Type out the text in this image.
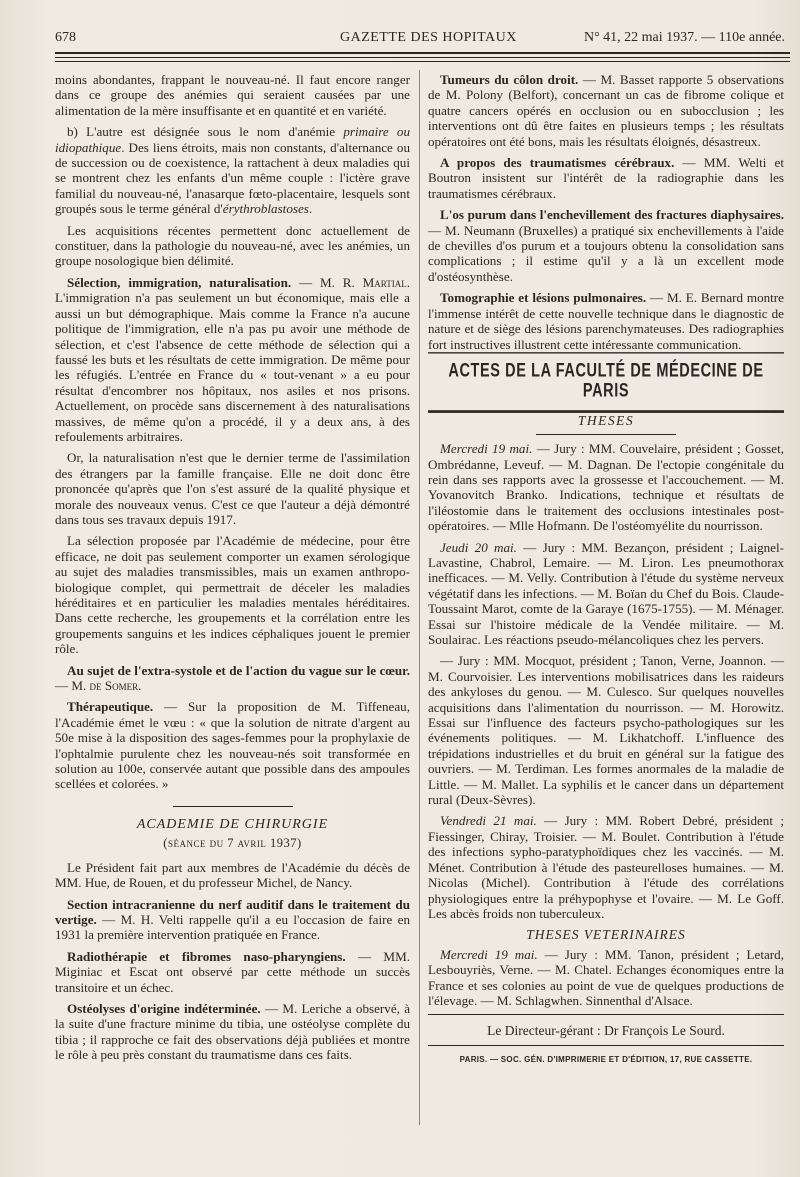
678	GAZETTE DES HOPITAUX	N° 41, 22 mai 1937. — 110e année.

moins abondantes, frappant le nouveau-né. Il faut encore ranger dans ce groupe des anémies qui seraient causées par une alimentation de la mère insuffisante et en quantité et en variété.

b) L'autre est désignée sous le nom d'anémie primaire ou idiopathique. Des liens étroits, mais non constants, d'alternance ou de succession ou de coexistence, la rattachent à deux maladies qui se montrent chez les enfants d'un même couple : l'ictère grave familial du nouveau-né, l'anasarque fœto-placentaire, lesquels sont groupés sous le terme général d'érythroblastoses.

Les acquisitions récentes permettent donc actuellement de constituer, dans la pathologie du nouveau-né, avec les anémies, un groupe nosologique bien délimité.

Sélection, immigration, naturalisation. — M. R. Martial. L'immigration n'a pas seulement un but économique, mais elle a aussi un but démographique. Mais comme la France n'a aucune politique de l'immigration, elle n'a pas pu avoir une méthode de sélection, et c'est l'absence de cette méthode de sélection qui a faussé les buts et les résultats de cette immigration. De même pour les réfugiés. L'entrée en France du « tout-venant » a eu pour résultat d'encombrer nos hôpitaux, nos asiles et nos prisons. Actuellement, on procède sans discernement à des naturalisations massives, de même qu'on a procédé, il y a deux ans, à des refoulements arbitraires.

Or, la naturalisation n'est que le dernier terme de l'assimilation des étrangers par la famille française. Elle ne doit donc être prononcée qu'après que l'on s'est assuré de la qualité physique et morale des nouveaux venus. C'est ce que l'auteur a déjà démontré dans tous ses travaux depuis 1917.

La sélection proposée par l'Académie de médecine, pour être efficace, ne doit pas seulement comporter un examen sérologique au sujet des maladies transmissibles, mais un examen anthropo-biologique complet, qui permettrait de déceler les maladies héréditaires et en particulier les maladies mentales héréditaires. Dans cette recherche, les groupements et la corrélation entre les groupements sanguins et les indices céphaliques jouent le premier rôle.

Au sujet de l'extra-systole et de l'action du vague sur le cœur. — M. de Somer.

Thérapeutique. — Sur la proposition de M. Tiffeneau, l'Académie émet le vœu : « que la solution de nitrate d'argent au 50e mise à la disposition des sages-femmes pour la prophylaxie de l'ophtalmie purulente chez les nouveau-nés soit transformée en solution au 100e, conservée autant que possible dans des ampoules scellées et colorées. »

ACADEMIE DE CHIRURGIE
(séance du 7 avril 1937)

Le Président fait part aux membres de l'Académie du décès de MM. Hue, de Rouen, et du professeur Michel, de Nancy.

Section intracranienne du nerf auditif dans le traitement du vertige. — M. H. Velti rappelle qu'il a eu l'occasion de faire en 1931 la première intervention pratiquée en France.

Radiothérapie et fibromes naso-pharyngiens. — MM. Miginiac et Escat ont observé par cette méthode un succès transitoire et un échec.

Ostéolyses d'origine indéterminée. — M. Leriche a observé, à la suite d'une fracture minime du tibia, une ostéolyse complète du tibia ; il rapproche ce fait des observations déjà publiées et montre le rôle à peu près constant du traumatisme dans ces faits.

Tumeurs du côlon droit. — M. Basset rapporte 5 observations de M. Polony (Belfort), concernant un cas de fibrome colique et quatre cancers opérés en occlusion ou en subocclusion ; les interventions ont dû être faites en plusieurs temps ; les résultats opératoires ont été bons, mais les résultats éloignés, désastreux.

A propos des traumatismes cérébraux. — MM. Welti et Boutron insistent sur l'intérêt de la radiographie dans les traumatismes cérébraux.

L'os purum dans l'enchevillement des fractures diaphysaires. — M. Neumann (Bruxelles) a pratiqué six enchevillements à l'aide de chevilles d'os purum et a toujours obtenu la consolidation sans complications ; il estime qu'il y a là un excellent mode d'ostéosynthèse.

Tomographie et lésions pulmonaires. — M. E. Bernard montre l'immense intérêt de cette nouvelle technique dans le diagnostic de nature et de siège des lésions parenchymateuses. Des radiographies fort instructives illustrent cette intéressante communication.

ACTES DE LA FACULTÉ DE MÉDECINE DE PARIS
THESES

Mercredi 19 mai. — Jury : MM. Couvelaire, président ; Gosset, Ombrédanne, Leveuf. — M. Dagnan. De l'ectopie congénitale du rein dans ses rapports avec la grossesse et l'accouchement. — M. Yovanovitch Branko. Indications, technique et résultats de l'iléostomie dans le traitement des occlusions intestinales post-opératoires. — Mlle Hofmann. De l'ostéomyélite du nourrisson.

Jeudi 20 mai. — Jury : MM. Bezançon, président ; Laignel-Lavastine, Chabrol, Lemaire. — M. Liron. Les pneumothorax inefficaces. — M. Velly. Contribution à l'étude du système nerveux végétatif dans les infections. — M. Boïan du Chef du Bois. Claude-Toussaint Marot, comte de la Garaye (1675-1755). — M. Ménager. Essai sur l'histoire médicale de la Vendée militaire. — M. Soulairac. Les réactions pseudo-mélancoliques chez les pervers.

— Jury : MM. Mocquot, président ; Tanon, Verne, Joannon. — M. Courvoisier. Les interventions mobilisatrices dans les raideurs des ankyloses du genou. — M. Culesco. Sur quelques nouvelles acquisitions dans l'alimentation du nourrisson. — M. Horowitz. Essai sur l'influence des facteurs psycho-pathologiques sur les événements politiques. — M. Likhatchoff. L'influence des trépidations industrielles et du bruit en général sur la fatigue des ouvriers. — M. Terdiman. Les formes anormales de la maladie de Little. — M. Mallet. La syphilis et le cancer dans un département rural (Deux-Sèvres).

Vendredi 21 mai. — Jury : MM. Robert Debré, président ; Fiessinger, Chiray, Troisier. — M. Boulet. Contribution à l'étude des infections sypho-paratyphoïdiques chez les vaccinés. — M. Ménet. Contribution à l'étude des pasteurelloses humaines. — M. Nicolas (Michel). Contribution à l'étude des corrélations physiologiques entre la préhypophyse et l'ovaire. — M. Le Goff. Les abcès froids non tuberculeux.

THESES VETERINAIRES

Mercredi 19 mai. — Jury : MM. Tanon, président ; Letard, Lesbouyriès, Verne. — M. Chatel. Echanges économiques entre la France et ses colonies au point de vue de quelques productions de l'élevage. — M. Schlagwhen. Sinnenthal d'Alsace.

Le Directeur-gérant : Dr François Le Sourd.
PARIS. — SOC. GÉN. D'IMPRIMERIE ET D'ÉDITION, 17, RUE CASSETTE.
